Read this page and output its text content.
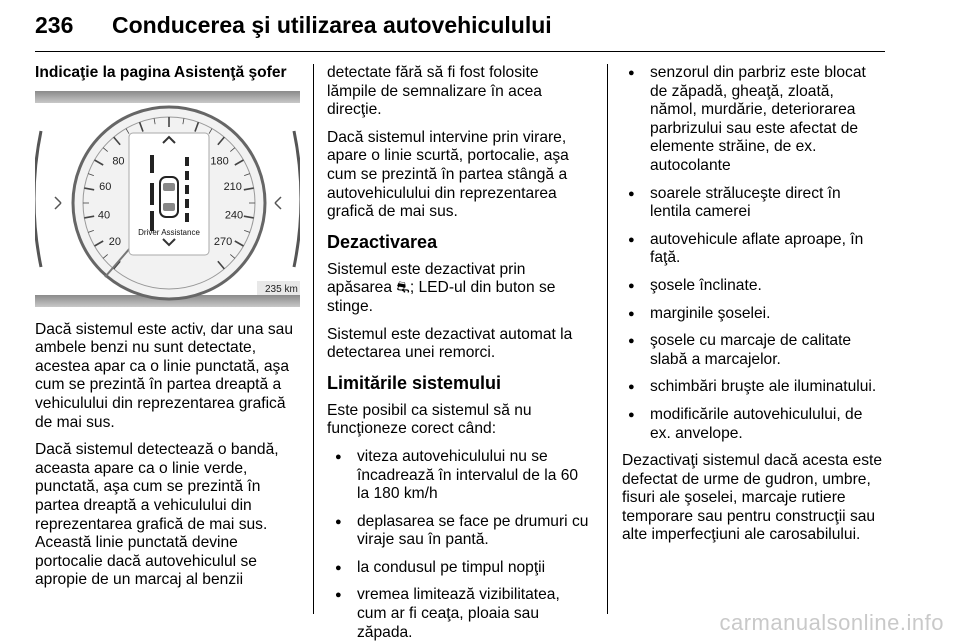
236 Conducerea şi utilizarea autovehiculului
Indicaţie la pagina Asistenţă şofer
20
40
60
80	180
210
240
270
Driver Assistance
235 km

Dacă sistemul este activ, dar una sau
ambele benzi nu sunt detectate,
acestea apar ca o linie punctată, aşa
cum se prezintă în partea dreaptă a
vehiculului din reprezentarea grafică
de mai sus.

Dacă sistemul detectează o bandă,
aceasta apare ca o linie verde,
punctată, aşa cum se prezintă în
partea dreaptă a vehiculului din
reprezentarea grafică de mai sus.
Această linie punctată devine
portocalie dacă autovehiculul se
apropie de un marcaj al benzii

detectate fără să fi fost folosite
lămpile de semnalizare în acea
direcţie.

Dacă sistemul intervine prin virare,
apare o linie scurtă, portocalie, aşa
cum se prezintă în partea stângă a
autovehiculului din reprezentarea
grafică de mai sus.

Dezactivarea

Sistemul este dezactivat prin
apăsarea ⛐; LED-ul din buton se
stinge.

Sistemul este dezactivat automat la
detectarea unei remorci.

Limitările sistemului

Este posibil ca sistemul să nu
funcţioneze corect când:

● viteza autovehiculului nu se
încadrează în intervalul de la 60
la 180 km/h
● deplasarea se face pe drumuri cu
viraje sau în pantă.
● la condusul pe timpul nopţii
● vremea limitează vizibilitatea,
cum ar fi ceaţa, ploaia sau
zăpada.
● senzorul din parbriz este blocat
de zăpadă, gheaţă, zloată,
nămol, murdărie, deteriorarea
parbrizului sau este afectat de
elemente străine, de ex.
autocolante
● soarele străluceşte direct în
lentila camerei
● autovehicule aflate aproape, în
faţă.
● şosele înclinate.
● marginile şoselei.
● şosele cu marcaje de calitate
slabă a marcajelor.
● schimbări bruşte ale iluminatului.
● modificările autovehiculului, de
ex. anvelope.

Dezactivaţi sistemul dacă acesta este
defectat de urme de gudron, umbre,
fisuri ale şoselei, marcaje rutiere
temporare sau pentru construcţii sau
alte imperfecţiuni ale carosabilului.

carmanualsonline.info
